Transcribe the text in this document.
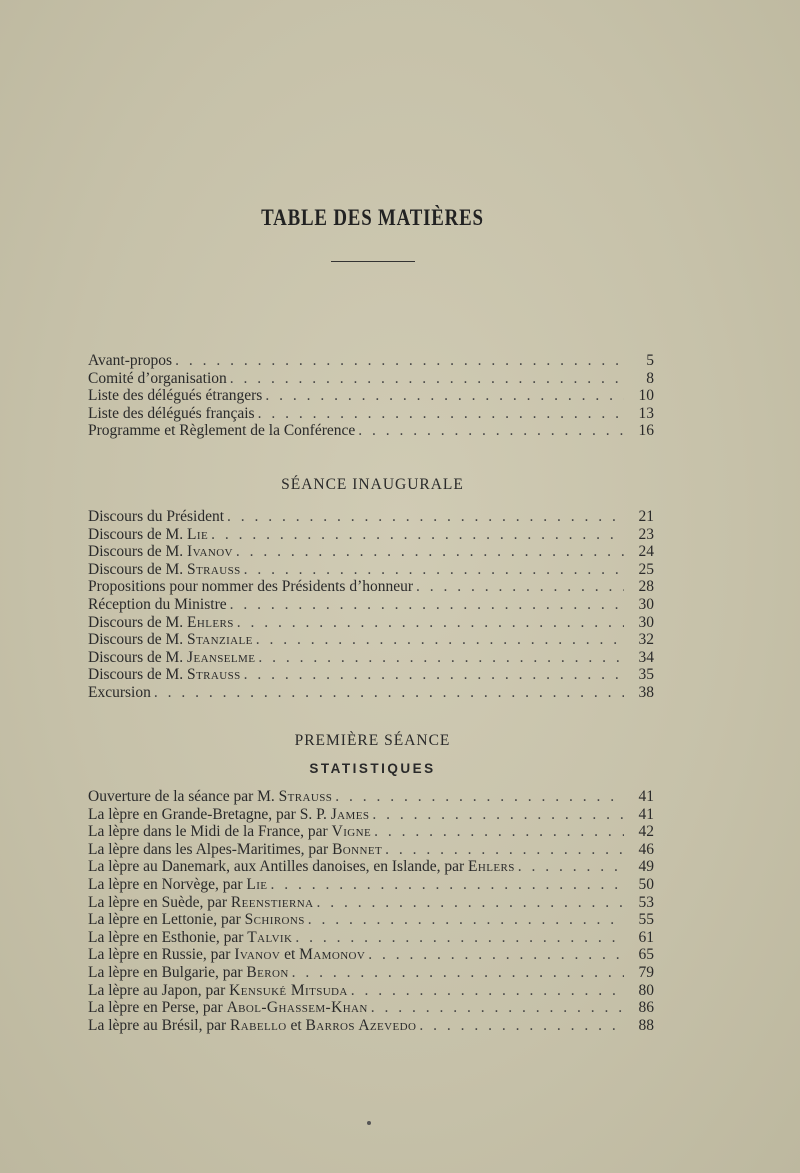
TABLE DES MATIÈRES
Avant-propos . . .	5
Comité d’organisation . . .	8
Liste des délégués étrangers . . .	10
Liste des délégués français . . .	13
Programme et Règlement de la Conférence . . .	16
SÉANCE INAUGURALE
Discours du Président . . .	21
Discours de M. Lie . . .	23
Discours de M. Ivanov . . .	24
Discours de M. Strauss . . .	25
Propositions pour nommer des Présidents d’honneur . . .	28
Réception du Ministre . . .	30
Discours de M. Ehlers . . .	30
Discours de M. Stanziale . . .	32
Discours de M. Jeanselme . . .	34
Discours de M. Strauss . . .	35
Excursion . . .	38
PREMIÈRE SÉANCE
STATISTIQUES
Ouverture de la séance par M. Strauss . . .	41
La lèpre en Grande-Bretagne, par S. P. James . . .	41
La lèpre dans le Midi de la France, par Vigne . . .	42
La lèpre dans les Alpes-Maritimes, par Bonnet . . .	46
La lèpre au Danemark, aux Antilles danoises, en Islande, par Ehlers . . .	49
La lèpre en Norvège, par Lie . . .	50
La lèpre en Suède, par Reenstierna . . .	53
La lèpre en Lettonie, par Schirons . . .	55
La lèpre en Esthonie, par Talvik . . .	61
La lèpre en Russie, par Ivanov et Mamonov . . .	65
La lèpre en Bulgarie, par Beron . . .	79
La lèpre au Japon, par Kensuké Mitsuda . . .	80
La lèpre en Perse, par Abol-Ghassem-Khan . . .	86
La lèpre au Brésil, par Rabello et Barros Azevedo . . .	88
